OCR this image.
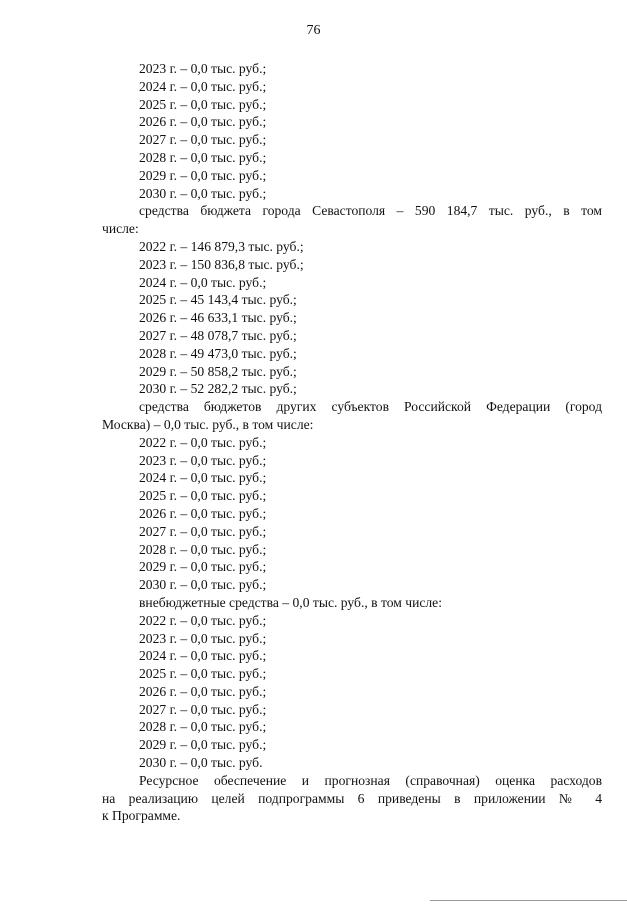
76
2023 г. – 0,0 тыс. руб.;
2024 г. – 0,0 тыс. руб.;
2025 г. – 0,0 тыс. руб.;
2026 г. – 0,0 тыс. руб.;
2027 г. – 0,0 тыс. руб.;
2028 г. – 0,0 тыс. руб.;
2029 г. – 0,0 тыс. руб.;
2030 г. – 0,0 тыс. руб.;
средства бюджета города Севастополя – 590 184,7 тыс. руб., в том
числе:
2022 г. – 146 879,3 тыс. руб.;
2023 г. – 150 836,8 тыс. руб.;
2024 г. – 0,0 тыс. руб.;
2025 г. – 45 143,4 тыс. руб.;
2026 г. – 46 633,1 тыс. руб.;
2027 г. – 48 078,7 тыс. руб.;
2028 г. – 49 473,0 тыс. руб.;
2029 г. – 50 858,2 тыс. руб.;
2030 г. – 52 282,2 тыс. руб.;
средства бюджетов других субъектов Российской Федерации (город
Москва) – 0,0 тыс. руб., в том числе:
2022 г. – 0,0 тыс. руб.;
2023 г. – 0,0 тыс. руб.;
2024 г. – 0,0 тыс. руб.;
2025 г. – 0,0 тыс. руб.;
2026 г. – 0,0 тыс. руб.;
2027 г. – 0,0 тыс. руб.;
2028 г. – 0,0 тыс. руб.;
2029 г. – 0,0 тыс. руб.;
2030 г. – 0,0 тыс. руб.;
внебюджетные средства – 0,0 тыс. руб., в том числе:
2022 г. – 0,0 тыс. руб.;
2023 г. – 0,0 тыс. руб.;
2024 г. – 0,0 тыс. руб.;
2025 г. – 0,0 тыс. руб.;
2026 г. – 0,0 тыс. руб.;
2027 г. – 0,0 тыс. руб.;
2028 г. – 0,0 тыс. руб.;
2029 г. – 0,0 тыс. руб.;
2030 г. – 0,0 тыс. руб.
Ресурсное обеспечение и прогнозная (справочная) оценка расходов
на реализацию целей подпрограммы 6 приведены в приложении № 4
к Программе.
